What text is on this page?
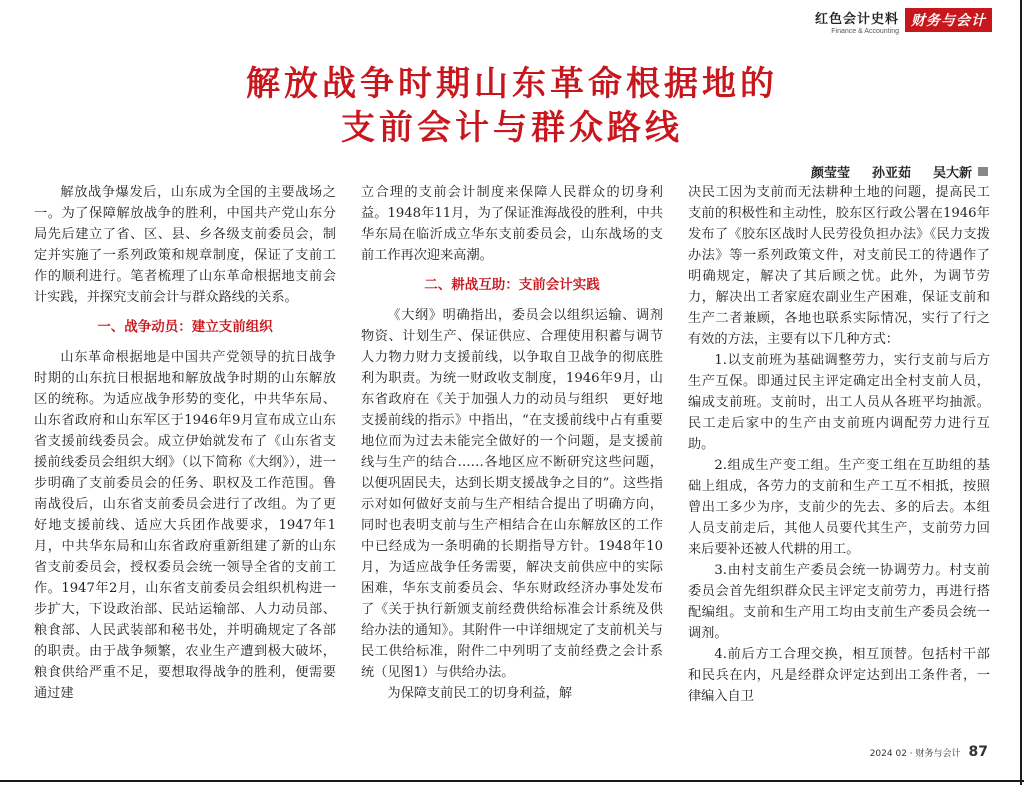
红色会计史料
Finance & Accounting
财务与会计
解放战争时期山东革命根据地的
支前会计与群众路线
颜莹莹 孙亚茹 吴大新

解放战争爆发后，山东成为全国的主要战场之一。为了保障解放战争的胜利，中国共产党山东分局先后建立了省、区、县、乡各级支前委员会，制定并实施了一系列政策和规章制度，保证了支前工作的顺利进行。笔者梳理了山东革命根据地支前会计实践，并探究支前会计与群众路线的关系。

一、战争动员：建立支前组织

山东革命根据地是中国共产党领导的抗日战争时期的山东抗日根据地和解放战争时期的山东解放区的统称。为适应战争形势的变化，中共华东局、山东省政府和山东军区于1946年9月宣布成立山东省支援前线委员会。成立伊始就发布了《山东省支援前线委员会组织大纲》（以下简称《大纲》），进一步明确了支前委员会的任务、职权及工作范围。鲁南战役后，山东省支前委员会进行了改组。为了更好地支援前线、适应大兵团作战要求，1947年1月，中共华东局和山东省政府重新组建了新的山东省支前委员会，授权委员会统一领导全省的支前工作。1947年2月，山东省支前委员会组织机构进一步扩大，下设政治部、民站运输部、人力动员部、粮食部、人民武装部和秘书处，并明确规定了各部的职责。由于战争频繁，农业生产遭到极大破坏，粮食供给严重不足，要想取得战争的胜利，便需要通过建

立合理的支前会计制度来保障人民群众的切身利益。1948年11月，为了保证淮海战役的胜利，中共华东局在临沂成立华东支前委员会，山东战场的支前工作再次迎来高潮。

二、耕战互助：支前会计实践

《大纲》明确指出，委员会以组织运输、调剂物资、计划生产、保证供应、合理使用积蓄与调节人力物力财力支援前线，以争取自卫战争的彻底胜利为职责。为统一财政收支制度，1946年9月，山东省政府在《关于加强人力的动员与组织　更好地支援前线的指示》中指出，“在支援前线中占有重要地位而为过去未能完全做好的一个问题，是支援前线与生产的结合……各地区应不断研究这些问题，以便巩固民夫，达到长期支援战争之目的”。这些指示对如何做好支前与生产相结合提出了明确方向，同时也表明支前与生产相结合在山东解放区的工作中已经成为一条明确的长期指导方针。1948年10月，为适应战争任务需要，解决支前供应中的实际困难，华东支前委员会、华东财政经济办事处发布了《关于执行新颁支前经费供给标准会计系统及供给办法的通知》。其附件一中详细规定了支前机关与民工供给标准，附件二中列明了支前经费之会计系统（见图1）与供给办法。

为保障支前民工的切身利益，解

决民工因为支前而无法耕种土地的问题，提高民工支前的积极性和主动性，胶东区行政公署在1946年发布了《胶东区战时人民劳役负担办法》《民力支拨办法》等一系列政策文件，对支前民工的待遇作了明确规定，解决了其后顾之忧。此外，为调节劳力，解决出工者家庭农副业生产困难，保证支前和生产二者兼顾，各地也联系实际情况，实行了行之有效的方法，主要有以下几种方式：

1.以支前班为基础调整劳力，实行支前与后方生产互保。即通过民主评定确定出全村支前人员，编成支前班。支前时，出工人员从各班平均抽派。民工走后家中的生产由支前班内调配劳力进行互助。

2.组成生产变工组。生产变工组在互助组的基础上组成，各劳力的支前和生产工互不相抵，按照曾出工多少为序，支前少的先去、多的后去。本组人员支前走后，其他人员要代其生产，支前劳力回来后要补还被人代耕的用工。

3.由村支前生产委员会统一协调劳力。村支前委员会首先组织群众民主评定支前劳力，再进行搭配编组。支前和生产用工均由支前生产委员会统一调剂。

4.前后方工合理交换，相互顶替。包括村干部和民兵在内，凡是经群众评定达到出工条件者，一律编入自卫

2024 02 · 财务与会计 87
